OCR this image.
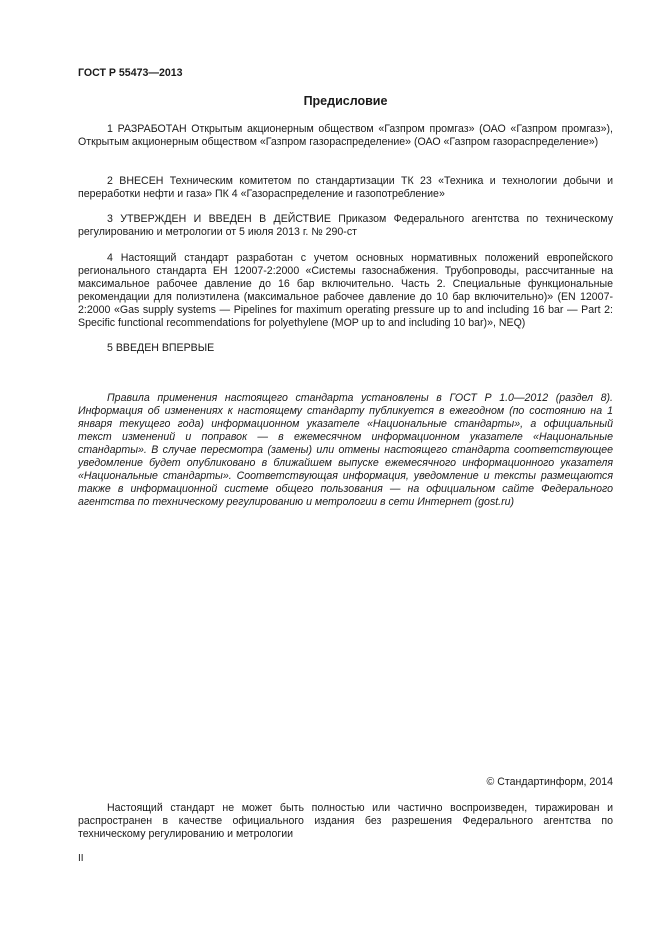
ГОСТ Р 55473—2013
Предисловие

1 РАЗРАБОТАН Открытым акционерным обществом «Газпром промгаз» (ОАО «Газпром промгаз»), Открытым акционерным обществом «Газпром газораспределение» (ОАО «Газпром газораспределение»)

2 ВНЕСЕН Техническим комитетом по стандартизации ТК 23 «Техника и технологии добычи и переработки нефти и газа» ПК 4 «Газораспределение и газопотребление»

3 УТВЕРЖДЕН И ВВЕДЕН В ДЕЙСТВИЕ Приказом Федерального агентства по техническому регулированию и метрологии от 5 июля 2013 г. № 290-ст

4 Настоящий стандарт разработан с учетом основных нормативных положений европейского регионального стандарта ЕН 12007-2:2000 «Системы газоснабжения. Трубопроводы, рассчитанные на максимальное рабочее давление до 16 бар включительно. Часть 2. Специальные функциональные рекомендации для полиэтилена (максимальное рабочее давление до 10 бар включительно)» (EN 12007-2:2000 «Gas supply systems — Pipelines for maximum operating pressure up to and including 16 bar — Part 2: Specific functional recommendations for polyethylene (MOP up to and including 10 bar)», NEQ)

5 ВВЕДЕН ВПЕРВЫЕ

Правила применения настоящего стандарта установлены в ГОСТ Р 1.0—2012 (раздел 8). Информация об изменениях к настоящему стандарту публикуется в ежегодном (по состоянию на 1 января текущего года) информационном указателе «Национальные стандарты», а официальный текст изменений и поправок — в ежемесячном информационном указателе «Национальные стандарты». В случае пересмотра (замены) или отмены настоящего стандарта соответствующее уведомление будет опубликовано в ближайшем выпуске ежемесячного информационного указателя «Национальные стандарты». Соответствующая информация, уведомление и тексты размещаются также в информационной системе общего пользования — на официальном сайте Федерального агентства по техническому регулированию и метрологии в сети Интернет (gost.ru)

© Стандартинформ, 2014

Настоящий стандарт не может быть полностью или частично воспроизведен, тиражирован и распространен в качестве официального издания без разрешения Федерального агентства по техническому регулированию и метрологии

II
